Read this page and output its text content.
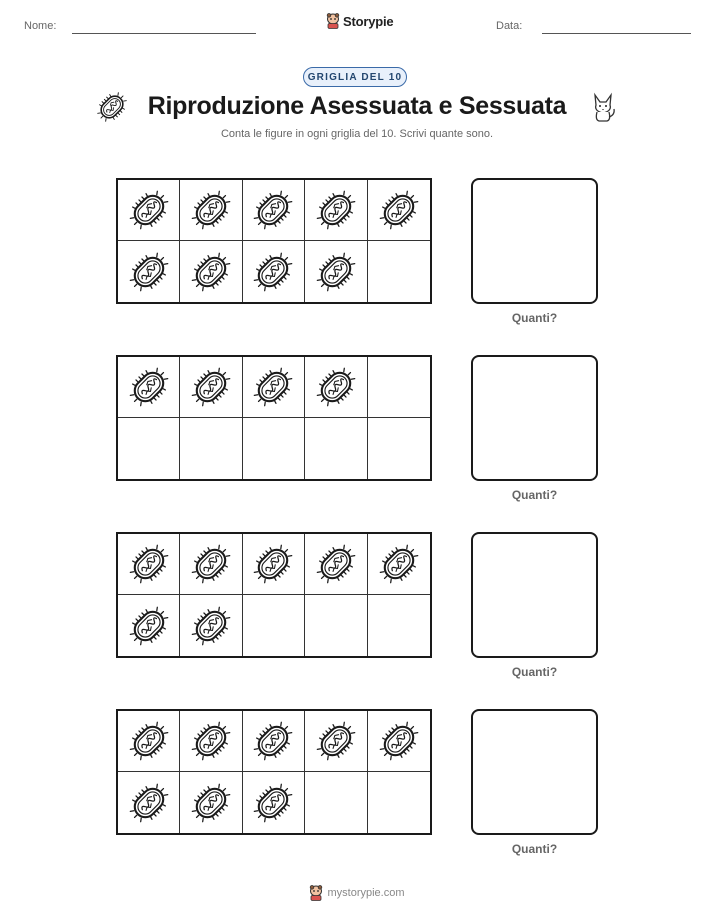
Nome:	Storypie	Data:
GRIGLIA DEL 10
Riproduzione Asessuata e Sessuata
Conta le figure in ogni griglia del 10. Scrivi quante sono.
Quanti?
Quanti?
Quanti?
Quanti?
mystorypie.com
